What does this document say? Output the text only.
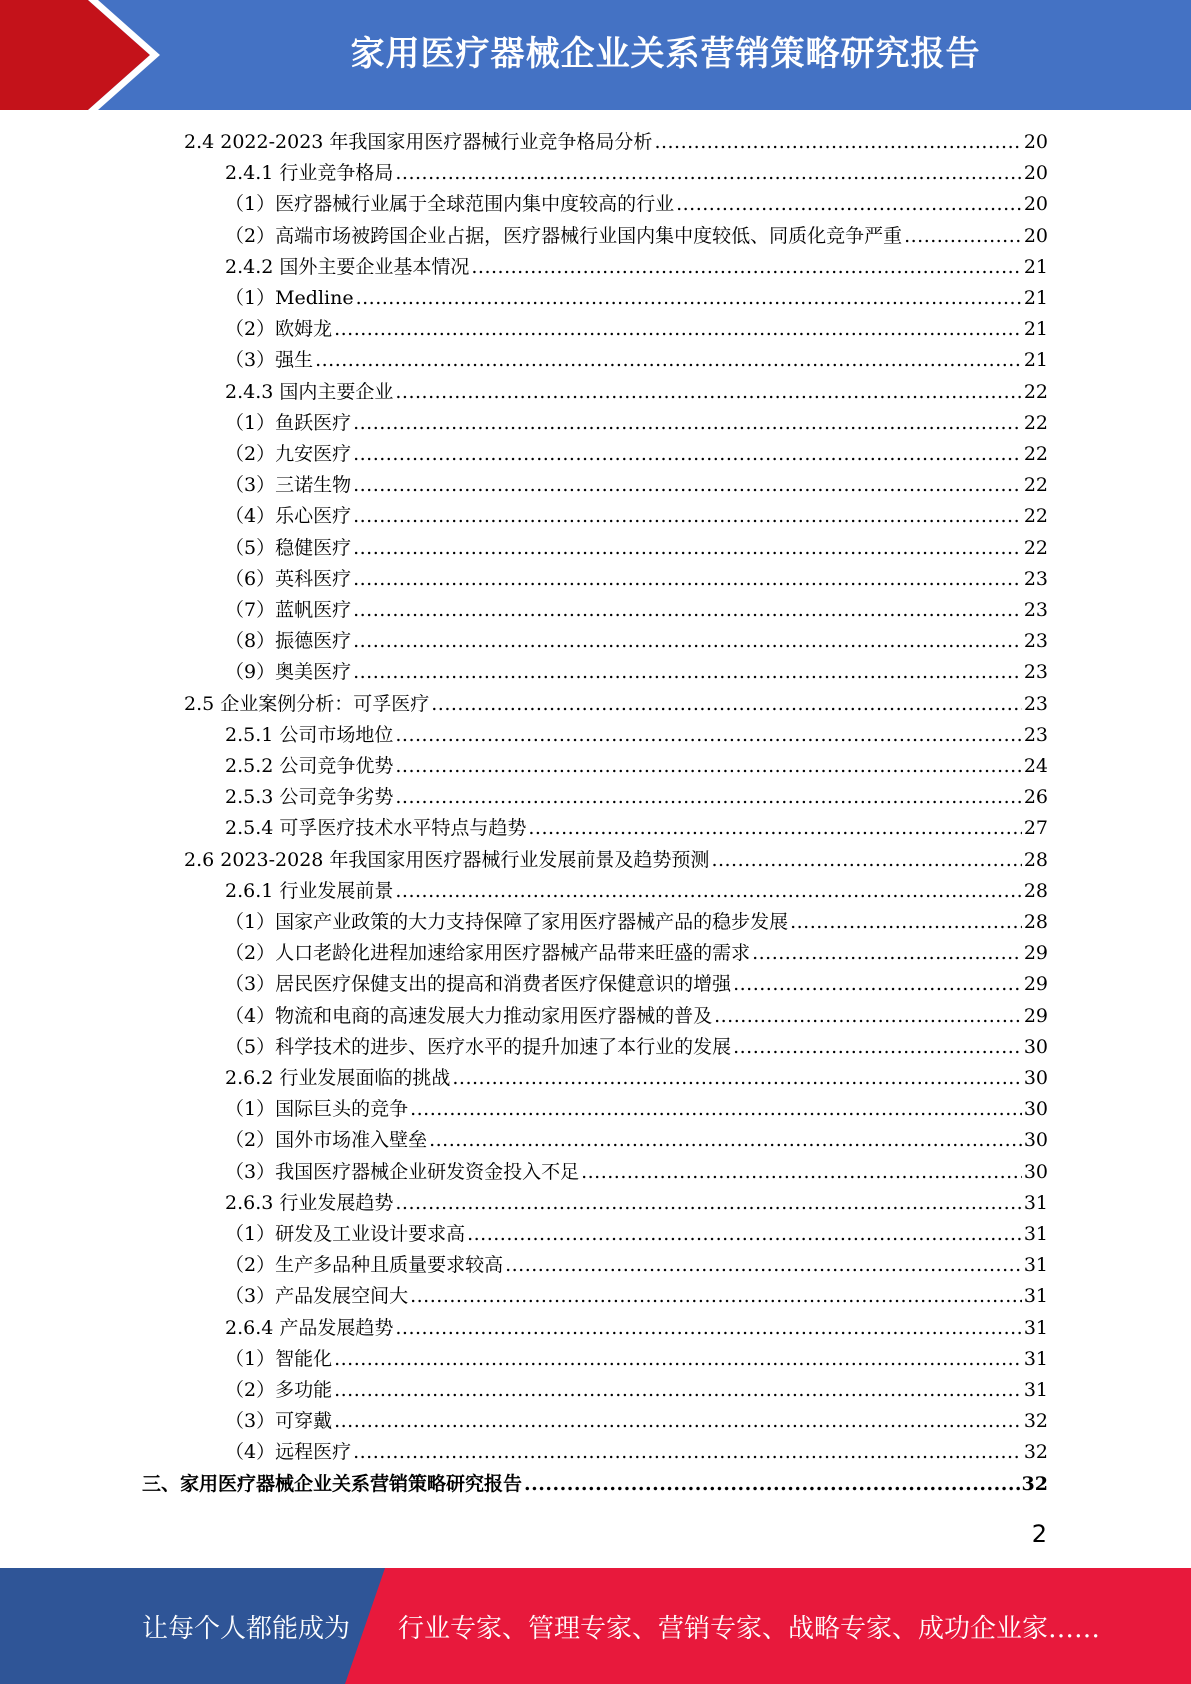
家用医疗器械企业关系营销策略研究报告
2.4 2022-2023 年我国家用医疗器械行业竞争格局分析 .....	20
2.4.1 行业竞争格局 .....	20
（1）医疗器械行业属于全球范围内集中度较高的行业 .....	20
（2）高端市场被跨国企业占据，医疗器械行业国内集中度较低、同质化竞争严重 .....	20
2.4.2 国外主要企业基本情况 .....	21
（1）Medline .....	21
（2）欧姆龙 .....	21
（3）强生 .....	21
2.4.3 国内主要企业 .....	22
（1）鱼跃医疗 .....	22
（2）九安医疗 .....	22
（3）三诺生物 .....	22
（4）乐心医疗 .....	22
（5）稳健医疗 .....	22
（6）英科医疗 .....	23
（7）蓝帆医疗 .....	23
（8）振德医疗 .....	23
（9）奥美医疗 .....	23
2.5 企业案例分析：可孚医疗 .....	23
2.5.1 公司市场地位 .....	23
2.5.2 公司竞争优势 .....	24
2.5.3 公司竞争劣势 .....	26
2.5.4 可孚医疗技术水平特点与趋势 .....	27
2.6 2023-2028 年我国家用医疗器械行业发展前景及趋势预测 .....	28
2.6.1 行业发展前景 .....	28
（1）国家产业政策的大力支持保障了家用医疗器械产品的稳步发展 .....	28
（2）人口老龄化进程加速给家用医疗器械产品带来旺盛的需求 .....	29
（3）居民医疗保健支出的提高和消费者医疗保健意识的增强 .....	29
（4）物流和电商的高速发展大力推动家用医疗器械的普及 .....	29
（5）科学技术的进步、医疗水平的提升加速了本行业的发展 .....	30
2.6.2 行业发展面临的挑战 .....	30
（1）国际巨头的竞争 .....	30
（2）国外市场准入壁垒 .....	30
（3）我国医疗器械企业研发资金投入不足 .....	30
2.6.3 行业发展趋势 .....	31
（1）研发及工业设计要求高 .....	31
（2）生产多品种且质量要求较高 .....	31
（3）产品发展空间大 .....	31
2.6.4 产品发展趋势 .....	31
（1）智能化 .....	31
（2）多功能 .....	31
（3）可穿戴 .....	32
（4）远程医疗 .....	32
三、家用医疗器械企业关系营销策略研究报告 .....	32
2
让每个人都能成为 行业专家、管理专家、营销专家、战略专家、成功企业家……
